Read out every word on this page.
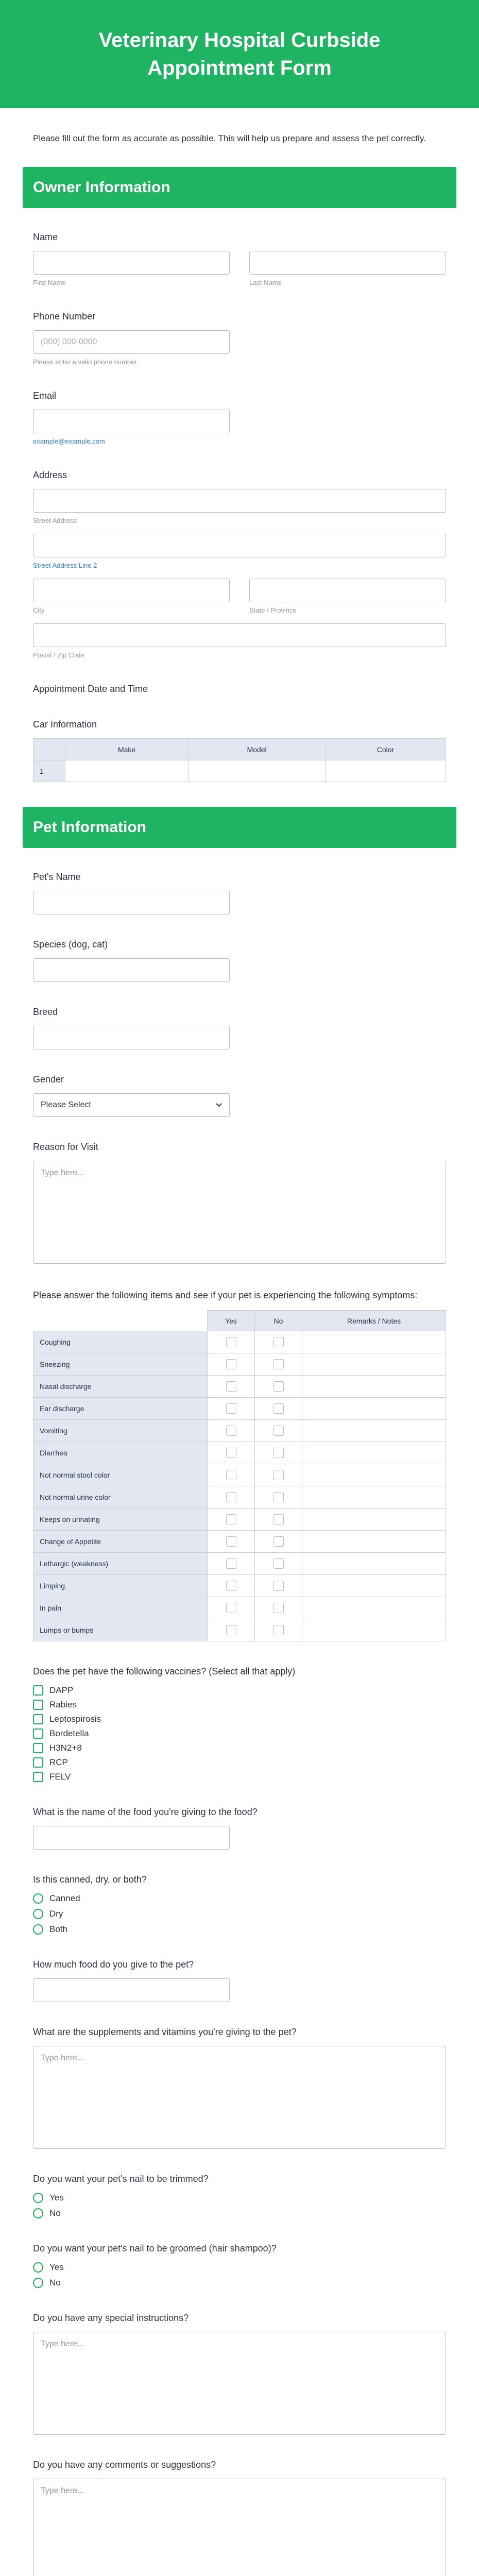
Veterinary Hospital Curbside Appointment Form

Please fill out the form as accurate as possible. This will help us prepare and assess the pet correctly.

Owner Information
Name
First Name	Last Name
Phone Number
(000) 000-0000
Please enter a valid phone number.
Email
example@example.com
Address
Street Address
Street Address Line 2
City	State / Province
Postal / Zip Code
Appointment Date and Time
Car Information
	Make	Model	Color
1			
Pet Information
Pet's Name
Species (dog, cat)
Breed
Gender
Please Select
Reason for Visit
Type here...
Please answer the following items and see if your pet is experiencing the following symptoms:
	Yes	No	Remarks / Notes
Coughing			
Sneezing			
Nasal discharge			
Ear discharge			
Vomiting			
Diarrhea			
Not normal stool color			
Not normal urine color			
Keeps on urinating			
Change of Appetite			
Lethargic (weakness)			
Limping			
In pain			
Lumps or bumps			
Does the pet have the following vaccines? (Select all that apply)
DAPP
Rabies
Leptospirosis
Bordetella
H3N2+8
RCP
FELV
What is the name of the food you're giving to the food?
Is this canned, dry, or both?
Canned
Dry
Both
How much food do you give to the pet?
What are the supplements and vitamins you're giving to the pet?
Type here...
Do you want your pet's nail to be trimmed?
Yes
No
Do you want your pet's nail to be groomed (hair shampoo)?
Yes
No
Do you have any special instructions?
Type here...
Do you have any comments or suggestions?
Type here...
